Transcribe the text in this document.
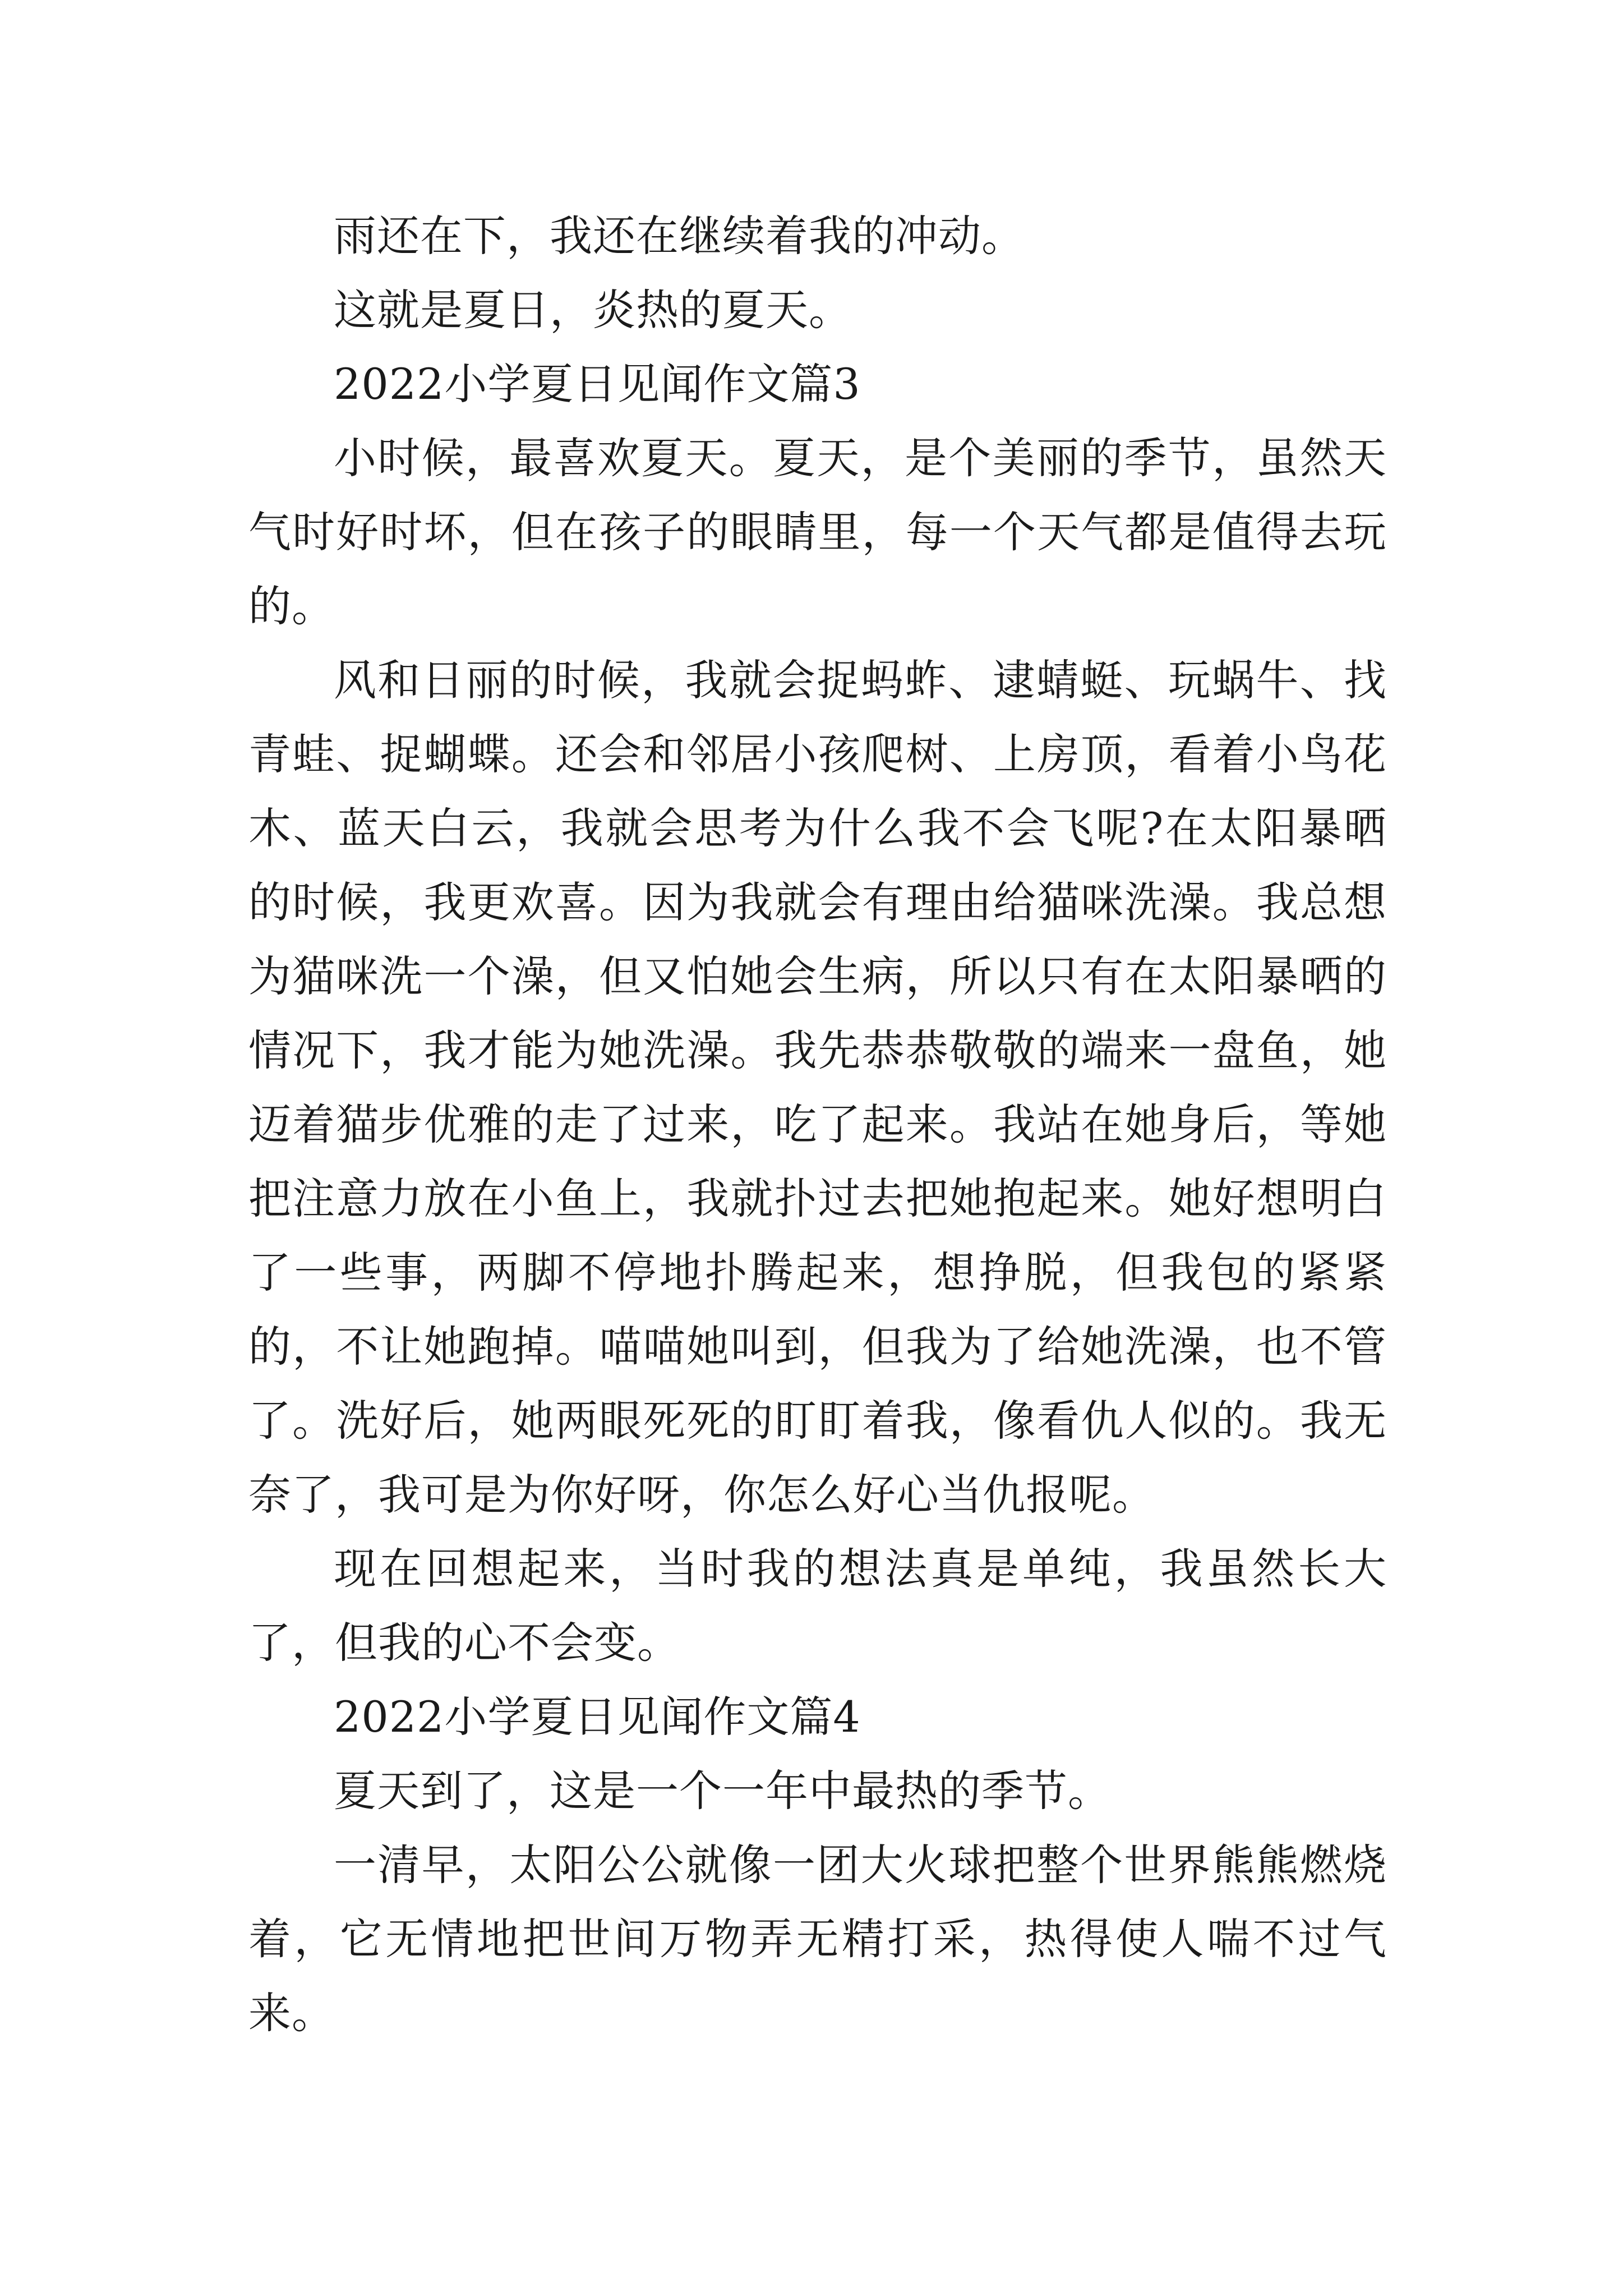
雨还在下，我还在继续着我的冲动。

这就是夏日，炎热的夏天。

2022小学夏日见闻作文篇3

小时候，最喜欢夏天。夏天，是个美丽的季节，虽然天气时好时坏，但在孩子的眼睛里，每一个天气都是值得去玩的。

风和日丽的时候，我就会捉蚂蚱、逮蜻蜓、玩蜗牛、找青蛙、捉蝴蝶。还会和邻居小孩爬树、上房顶，看着小鸟花木、蓝天白云，我就会思考为什么我不会飞呢?在太阳暴晒的时候，我更欢喜。因为我就会有理由给猫咪洗澡。我总想为猫咪洗一个澡，但又怕她会生病，所以只有在太阳暴晒的情况下，我才能为她洗澡。我先恭恭敬敬的端来一盘鱼，她迈着猫步优雅的走了过来，吃了起来。我站在她身后，等她把注意力放在小鱼上，我就扑过去把她抱起来。她好想明白了一些事，两脚不停地扑腾起来，想挣脱，但我包的紧紧的，不让她跑掉。喵喵她叫到，但我为了给她洗澡，也不管了。洗好后，她两眼死死的盯盯着我，像看仇人似的。我无奈了，我可是为你好呀，你怎么好心当仇报呢。

现在回想起来，当时我的想法真是单纯，我虽然长大了，但我的心不会变。

2022小学夏日见闻作文篇4

夏天到了，这是一个一年中最热的季节。

一清早，太阳公公就像一团大火球把整个世界熊熊燃烧着，它无情地把世间万物弄无精打采，热得使人喘不过气来。
